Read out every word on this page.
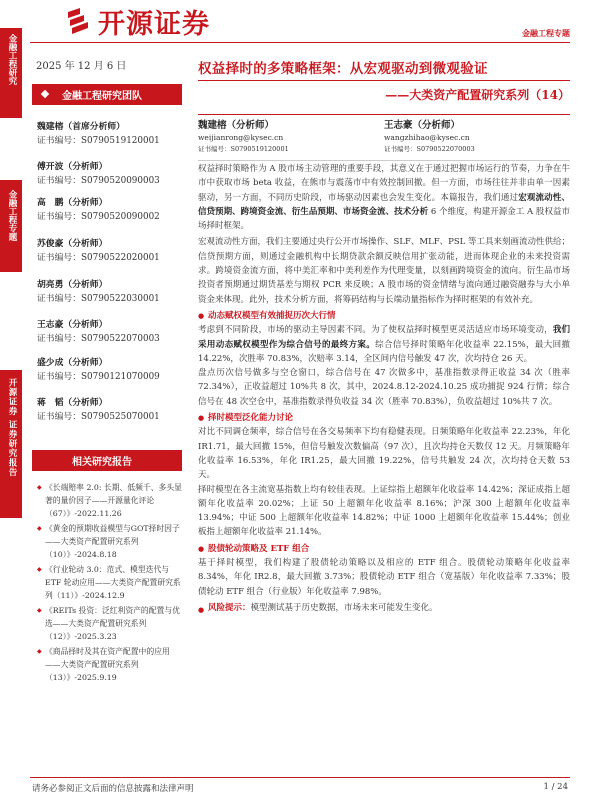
金融工程研究
金融工程专题
开源证券 证券研究报告
开源证券	金融工程专题
2025 年 12 月 6 日
金融工程研究团队
魏建榕（首席分析师）
证书编号：S0790519120001
傅开波（分析师）
证书编号：S0790520090003
高　鹏（分析师）
证书编号：S0790520090002
苏俊豪（分析师）
证书编号：S0790522020001
胡亮勇（分析师）
证书编号：S0790522030001
王志豪（分析师）
证书编号：S0790522070003
盛少成（分析师）
证书编号：S0790121070009
蒋　韬（分析师）
证书编号：S0790525070001
相关研究报告
◆ 《长端赔率 2.0: 长期、低频千、多头显著的量价因子——开源量化评论（67）》-2022.11.26
◆ 《黄金的预期收益模型与GOT择时因子——大类资产配置研究系列（10）》-2024.8.18
◆ 《行业轮动 3.0：范式、模型迭代与 ETF 轮动应用——大类资产配置研究系列（11）》-2024.12.9
◆ 《REITs 投资：泛红利资产的配置与优选——大类资产配置研究系列（12）》-2025.3.23
◆ 《商品择时及其在资产配置中的应用——大类资产配置研究系列（13）》-2025.9.19
权益择时的多策略框架：从宏观驱动到微观验证
——大类资产配置研究系列（14）
魏建榕（分析师）
weijianrong@kysec.cn
证书编号：S0790519120001
王志豪（分析师）
wangzhihao@kysec.cn
证书编号：S0790522070003

权益择时策略作为 A 股市场主动管理的重要手段，其意义在于通过把握市场运行的节奏，力争在牛市中获取市场 beta 收益，在熊市与震荡市中有效控制回撤。但一方面，市场往往并非由单一因素驱动，另一方面，不同历史阶段，市场驱动因素也会发生变化。本篇报告，我们通过宏观流动性、信贷预期、跨境资金流、衍生品预期、市场资金流、技术分析 6 个维度，构建开源金工 A 股权益市场择时框架。

宏观流动性方面，我们主要通过央行公开市场操作、SLF、MLF、PSL 等工具来刻画流动性供给；信贷预期方面，则通过金融机构中长期贷款余额反映信用扩张动能，进而体现企业的未来投资需求。跨境资金流方面，将中美汇率和中美利差作为代理变量，以刻画跨境资金的流向。衍生品市场投资者预期通过期货基差与期权 PCR 来反映；A 股市场的资金情绪与流向通过融资融券与大小单资金来体现。此外，技术分析方面，将筹码结构与长端动量指标作为择时框架的有效补充。

● 动态赋权模型有效捕捉历次大行情

考虑到不同阶段，市场的驱动主导因素不同。为了使权益择时模型更灵活适应市场环境变动，我们采用动态赋权模型作为综合信号的最终方案。综合信号择时策略年化收益率 22.15%，最大回撤 14.22%，次胜率 70.83%，次赔率 3.14，全区间内信号触发 47 次，次均持仓 26 天。

盘点历次信号做多与空仓窗口，综合信号在 47 次做多中，基准指数录得正收益 34 次（胜率 72.34%），正收益超过 10%共 8 次，其中，2024.8.12-2024.10.25 成功捕捉 924 行情；综合信号在 48 次空仓中，基准指数录得负收益 34 次（胜率 70.83%），负收益超过 10%共 7 次。

● 择时模型泛化能力讨论

对比不同调仓频率，综合信号在各交易频率下均有稳健表现。日频策略年化收益率 22.23%，年化 IR1.71，最大回撤 15%，但信号触发次数偏高（97 次），且次均持仓天数仅 12 天。月频策略年化收益率 16.53%，年化 IR1.25，最大回撤 19.22%，信号共触发 24 次，次均持仓天数 53 天。

择时模型在各主流宽基指数上均有较佳表现。上证综指上超额年化收益率 14.42%；深证成指上超额年化收益率 20.02%；上证 50 上超额年化收益率 8.16%；沪深 300 上超额年化收益率 13.94%；中证 500 上超额年化收益率 14.82%；中证 1000 上超额年化收益率 15.44%；创业板指上超额年化收益率 21.14%。

● 股债轮动策略及 ETF 组合

基于择时模型，我们构建了股债轮动策略以及相应的 ETF 组合。股债轮动策略年化收益率 8.34%，年化 IR2.8，最大回撤 3.73%；股债轮动 ETF 组合（宽基版）年化收益率 7.33%；股债轮动 ETF 组合（行业版）年化收益率 7.98%。

● 风险提示：模型测试基于历史数据，市场未来可能发生变化。

请务必参阅正文后面的信息披露和法律声明	1 / 24
